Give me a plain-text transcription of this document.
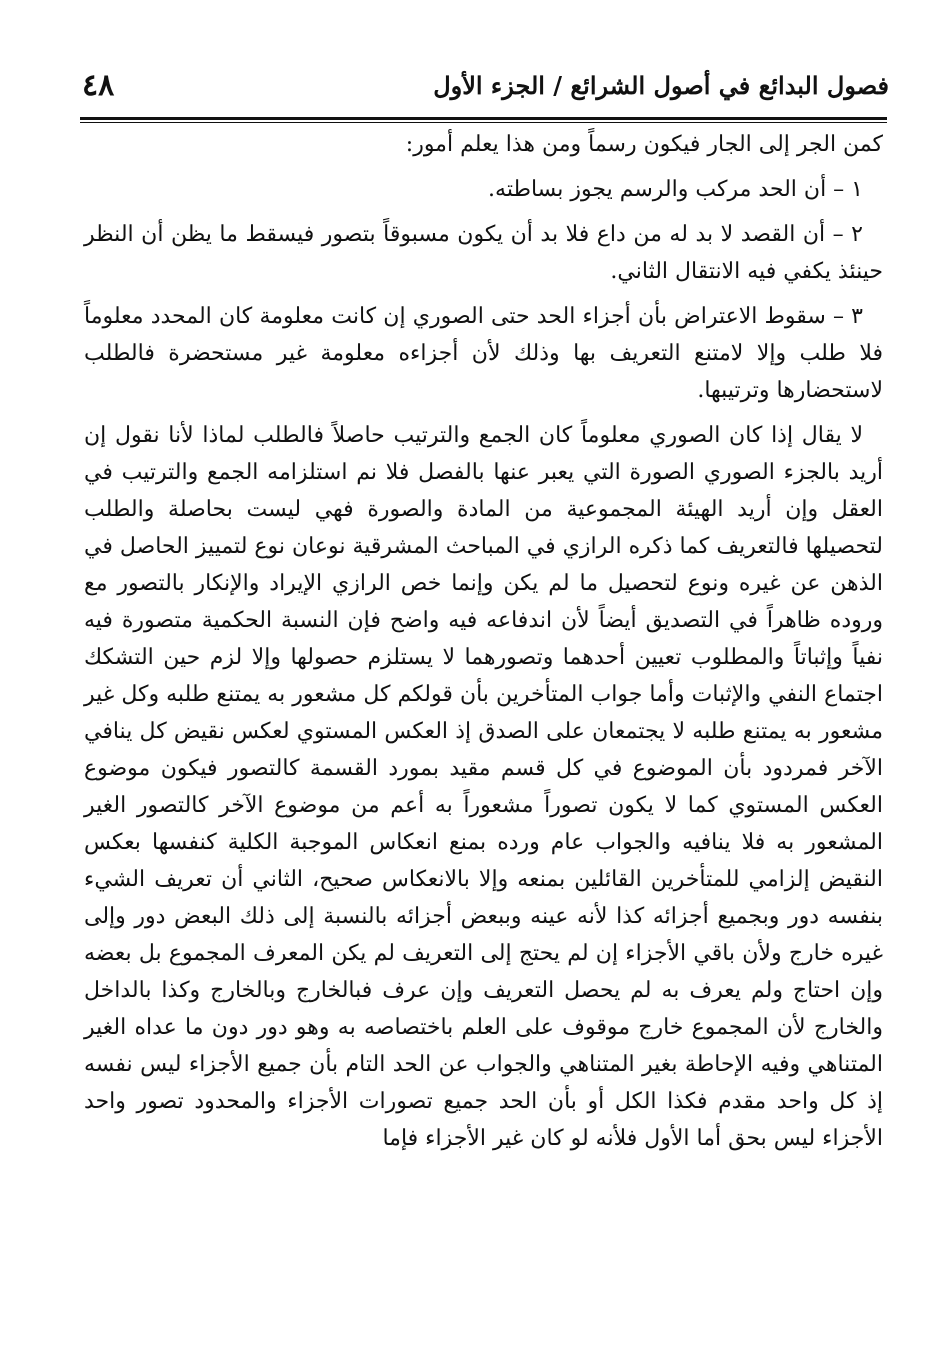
٤٨	فصول البدائع في أصول الشرائع / الجزء الأول

كمن الجر إلى الجار فيكون رسماً ومن هذا يعلم أمور:

١ – أن الحد مركب والرسم يجوز بساطته.

٢ – أن القصد لا بد له من داع فلا بد أن يكون مسبوقاً بتصور فيسقط ما يظن أن النظر حينئذ يكفي فيه الانتقال الثاني.

٣ – سقوط الاعتراض بأن أجزاء الحد حتى الصوري إن كانت معلومة كان المحدد معلوماً فلا طلب وإلا لامتنع التعريف بها وذلك لأن أجزاءه معلومة غير مستحضرة فالطلب لاستحضارها وترتيبها.

لا يقال إذا كان الصوري معلوماً كان الجمع والترتيب حاصلاً فالطلب لماذا لأنا نقول إن أريد بالجزء الصوري الصورة التي يعبر عنها بالفصل فلا نم استلزامه الجمع والترتيب في العقل وإن أريد الهيئة المجموعية من المادة والصورة فهي ليست بحاصلة والطلب لتحصيلها فالتعريف كما ذكره الرازي في المباحث المشرقية نوعان نوع لتمييز الحاصل في الذهن عن غيره ونوع لتحصيل ما لم يكن وإنما خص الرازي الإيراد والإنكار بالتصور مع وروده ظاهراً في التصديق أيضاً لأن اندفاعه فيه واضح فإن النسبة الحكمية متصورة فيه نفياً وإثباتاً والمطلوب تعيين أحدهما وتصورهما لا يستلزم حصولها وإلا لزم حين التشكك اجتماع النفي والإثبات وأما جواب المتأخرين بأن قولكم كل مشعور به يمتنع طلبه وكل غير مشعور به يمتنع طلبه لا يجتمعان على الصدق إذ العكس المستوي لعكس نقيض كل ينافي الآخر فمردود بأن الموضوع في كل قسم مقيد بمورد القسمة كالتصور فيكون موضوع العكس المستوي كما لا يكون تصوراً مشعوراً به أعم من موضوع الآخر كالتصور الغير المشعور به فلا ينافيه والجواب عام ورده بمنع انعكاس الموجبة الكلية كنفسها بعكس النقيض إلزامي للمتأخرين القائلين بمنعه وإلا بالانعكاس صحيح، الثاني أن تعريف الشيء بنفسه دور وبجميع أجزائه كذا لأنه عينه وببعض أجزائه بالنسبة إلى ذلك البعض دور وإلى غيره خارج ولأن باقي الأجزاء إن لم يحتج إلى التعريف لم يكن المعرف المجموع بل بعضه وإن احتاج ولم يعرف به لم يحصل التعريف وإن عرف فبالخارج وبالخارج وكذا بالداخل والخارج لأن المجموع خارج موقوف على العلم باختصاصه به وهو دور دون ما عداه الغير المتناهي وفيه الإحاطة بغير المتناهي والجواب عن الحد التام بأن جميع الأجزاء ليس نفسه إذ كل واحد مقدم فكذا الكل أو بأن الحد جميع تصورات الأجزاء والمحدود تصور واحد الأجزاء ليس بحق أما الأول فلأنه لو كان غير الأجزاء فإما
